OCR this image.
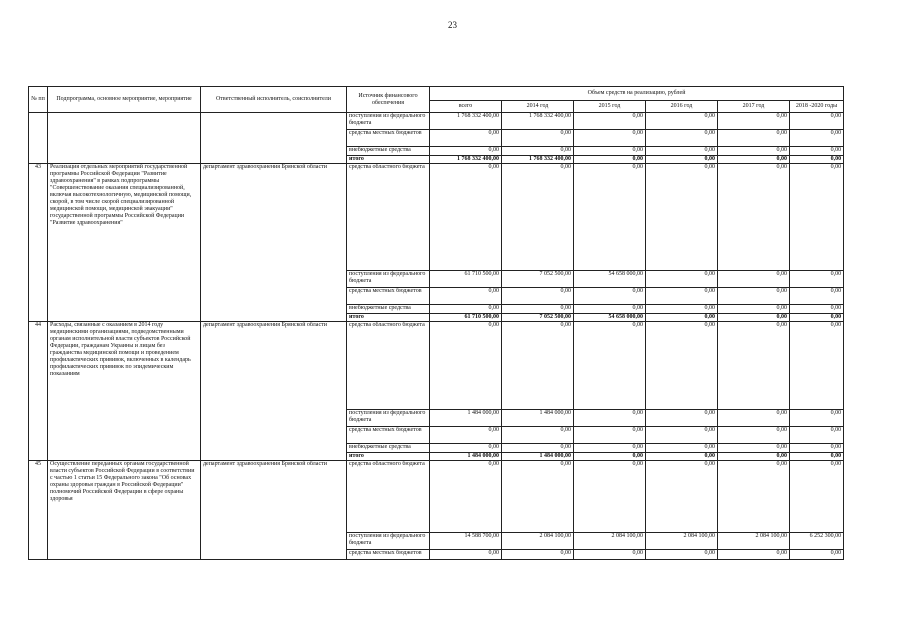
23
№ пп	Подпрограмма, основное мероприятие, мероприятие	Ответственный исполнитель, соисполнители	Источник финансового обеспечения	Объем средств на реализацию, рублей					
				всего	2014 год	2015 год	2016 год	2017 год	2018 -2020 годы
			поступления из федерального бюджета	1 768 332 400,00	1 768 332 400,00	0,00	0,00	0,00	0,00
			средства местных бюджетов	0,00	0,00	0,00	0,00	0,00	0,00
			внебюджетные средства	0,00	0,00	0,00	0,00	0,00	0,00
			итого	1 768 332 400,00	1 768 332 400,00	0,00	0,00	0,00	0,00
43	Реализация отдельных мероприятий государственной программы Российской Федерации "Развитие здравоохранения" в рамках подпрограммы "Совершенствование оказания специализированной, включая высокотехнологичную, медицинской помощи, скорой, в том числе скорой специализированной медицинской помощи, медицинской эвакуации" государственной программы Российской Федерации "Развитие здравоохранения"	департамент здравоохранения Брянской области	средства областного бюджета	0,00	0,00	0,00	0,00	0,00	0,00
			поступления из федерального бюджета	61 710 500,00	7 052 500,00	54 658 000,00	0,00	0,00	0,00
			средства местных бюджетов	0,00	0,00	0,00	0,00	0,00	0,00
			внебюджетные средства	0,00	0,00	0,00	0,00	0,00	0,00
			итого	61 710 500,00	7 052 500,00	54 658 000,00	0,00	0,00	0,00
44	Расходы, связанные с оказанием в 2014 году медицинскими организациями, подведомственными органам исполнительной власти субъектов Российской Федерации, гражданам Украины и лицам без гражданства медицинской помощи и проведением профилактических прививок, включенных в календарь профилактических прививок по эпидемическим показаниям	департамент здравоохранения Брянской области	средства областного бюджета	0,00	0,00	0,00	0,00	0,00	0,00
			поступления из федерального бюджета	1 484 000,00	1 484 000,00	0,00	0,00	0,00	0,00
			средства местных бюджетов	0,00	0,00	0,00	0,00	0,00	0,00
			внебюджетные средства	0,00	0,00	0,00	0,00	0,00	0,00
			итого	1 484 000,00	1 484 000,00	0,00	0,00	0,00	0,00
45	Осуществление переданных органам государственной власти субъектов Российской Федерации в соответствии с частью 1 статьи 15 Федерального закона "Об основах охраны здоровья граждан в Российской Федерации" полномочий Российской Федерации в сфере охраны здоровья	департамент здравоохранения Брянской области	средства областного бюджета	0,00	0,00	0,00	0,00	0,00	0,00
			поступления из федерального бюджета	14 588 700,00	2 084 100,00	2 084 100,00	2 084 100,00	2 084 100,00	6 252 300,00
			средства местных бюджетов	0,00	0,00	0,00	0,00	0,00	0,00
